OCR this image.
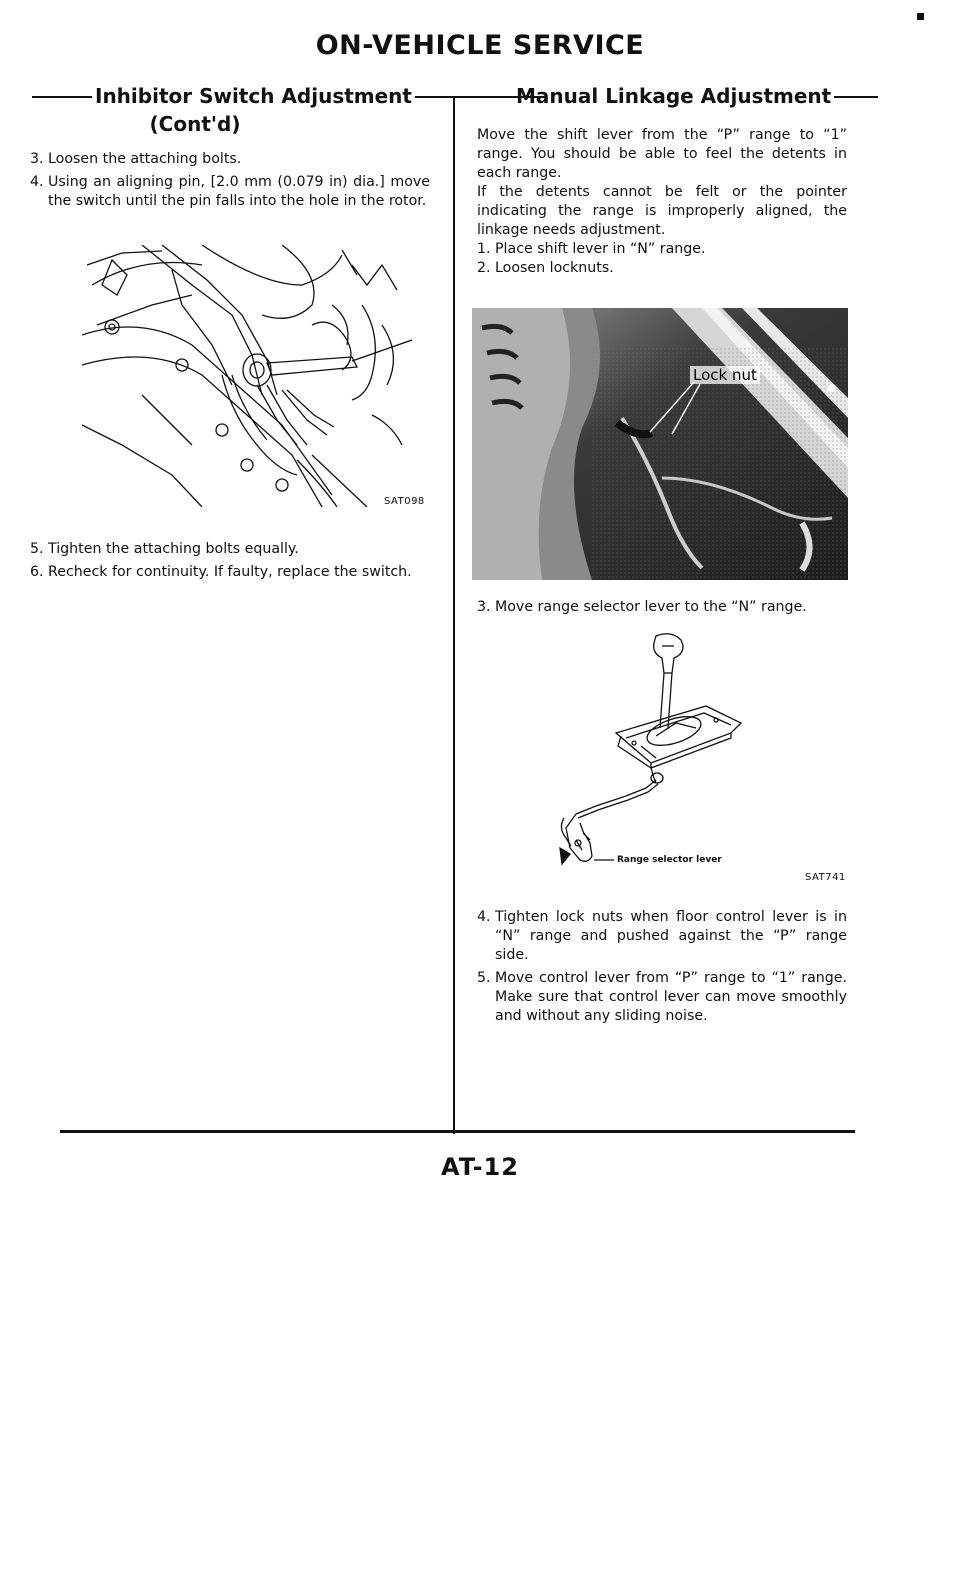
ON-VEHICLE SERVICE
Inhibitor Switch Adjustment
(Cont'd)
3. Loosen the attaching bolts.
4. Using an aligning pin, [2.0 mm (0.079 in) dia.] move the switch until the pin falls into the hole in the rotor.
SAT098
5. Tighten the attaching bolts equally.
6. Recheck for continuity. If faulty, replace the switch.
Manual Linkage Adjustment

Move the shift lever from the “P” range to “1” range. You should be able to feel the detents in each range.

If the detents cannot be felt or the pointer indicating the range is improperly aligned, the linkage needs adjustment.

1. Place shift lever in “N” range.
2. Loosen locknuts.
Lock nut
3. Move range selector lever to the “N” range.
Range selector lever
SAT741
4. Tighten lock nuts when floor control lever is in “N” range and pushed against the “P” range side.
5. Move control lever from “P” range to “1” range. Make sure that control lever can move smoothly and without any sliding noise.
AT-12
